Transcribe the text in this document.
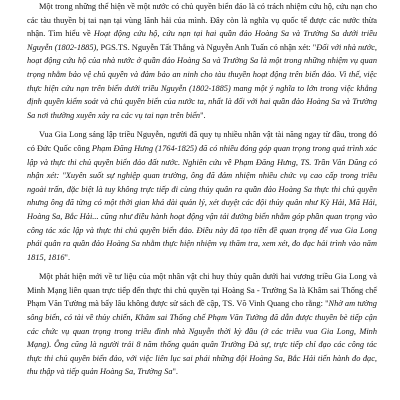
Một trong những thể hiện về một nước có chủ quyền biển đảo là có trách nhiệm cứu hộ, cứu nạn cho các tàu thuyền bị tai nạn tại vùng lãnh hải của mình. Đây còn là nghĩa vụ quốc tế được các nước thừa nhận. Tìm hiểu về Hoạt động cứu hộ, cứu nạn tại hai quần đảo Hoàng Sa và Trường Sa dưới triều Nguyễn (1802-1885), PGS.TS. Nguyễn Tất Thắng và Nguyễn Anh Tuấn có nhận xét: "Đối với nhà nước, hoạt động cứu hộ của nhà nước ở quần đảo Hoàng Sa và Trường Sa là một trong những nhiệm vụ quan trọng nhằm bảo vệ chủ quyền và đảm bảo an ninh cho tàu thuyền hoạt động trên biển đảo. Vì thế, việc thực hiện cứu nạn trên biển dưới triều Nguyễn (1802-1885) mang một ý nghĩa to lớn trong việc khẳng định quyền kiểm soát và chủ quyền biển của nước ta, nhất là đối với hai quần đảo Hoàng Sa và Trường Sa nơi thường xuyên xảy ra các vụ tai nạn trên biển".

Vua Gia Long sáng lập triều Nguyễn, người đã quy tụ nhiều nhân vật tài năng ngay từ đầu, trong đó có Đức Quốc công Phạm Đăng Hưng (1764-1825) đã có nhiều đóng góp quan trọng trong quá trình xác lập và thực thi chủ quyền biển đảo đất nước. Nghiên cứu về Phạm Đăng Hưng, TS. Trần Văn Dũng có nhận xét: "Xuyên suốt sự nghiệp quan trường, ông đã đảm nhiệm nhiều chức vụ cao cấp trong triều ngoài trấn, đặc biệt là tuy không trực tiếp đi cùng thủy quân ra quần đảo Hoàng Sa thực thi chủ quyền nhưng ông đã từng có một thời gian khá dài quản lý, xét duyệt các đội thủy quân như Kỳ Hải, Mã Hải, Hoàng Sa, Bắc Hải... cũng như điều hành hoạt động vận tải đường biển nhằm góp phần quan trọng vào công tác xác lập và thực thi chủ quyền biển đảo. Điều này đã tạo tiền đề quan trọng để vua Gia Long phái quân ra quần đảo Hoàng Sa nhằm thực hiện nhiệm vụ thăm tra, xem xét, đo đạc hải trình vào năm 1815, 1816".

Một phát hiện mới về tư liệu của một nhân vật chi huy thủy quân dưới hai vương triều Gia Long và Minh Mạng liên quan trực tiếp đến thực thi chủ quyền tại Hoàng Sa - Trường Sa là Khâm sai Thống chế Phạm Văn Tường mà bấy lâu không được sử sách đề cập, TS. Võ Vinh Quang cho rằng: "Nhờ am tường sông biển, có tài về thủy chiến, Khâm sai Thống chế Phạm Văn Tường đã dẫn được thuyền bè tiếp cận các chức vụ quan trọng trong triều đình nhà Nguyễn thời kỳ đầu (ở các triều vua Gia Long, Minh Mạng). Ông cũng là người trải 8 năm thống quản quân Trường Đà sự, trực tiếp chỉ đạo các công tác thực thi chủ quyền biển đảo, với việc liên lục sai phái những đội Hoàng Sa, Bắc Hải tiến hành đo đạc, thu thập và tiếp quản Hoàng Sa, Trường Sa".
